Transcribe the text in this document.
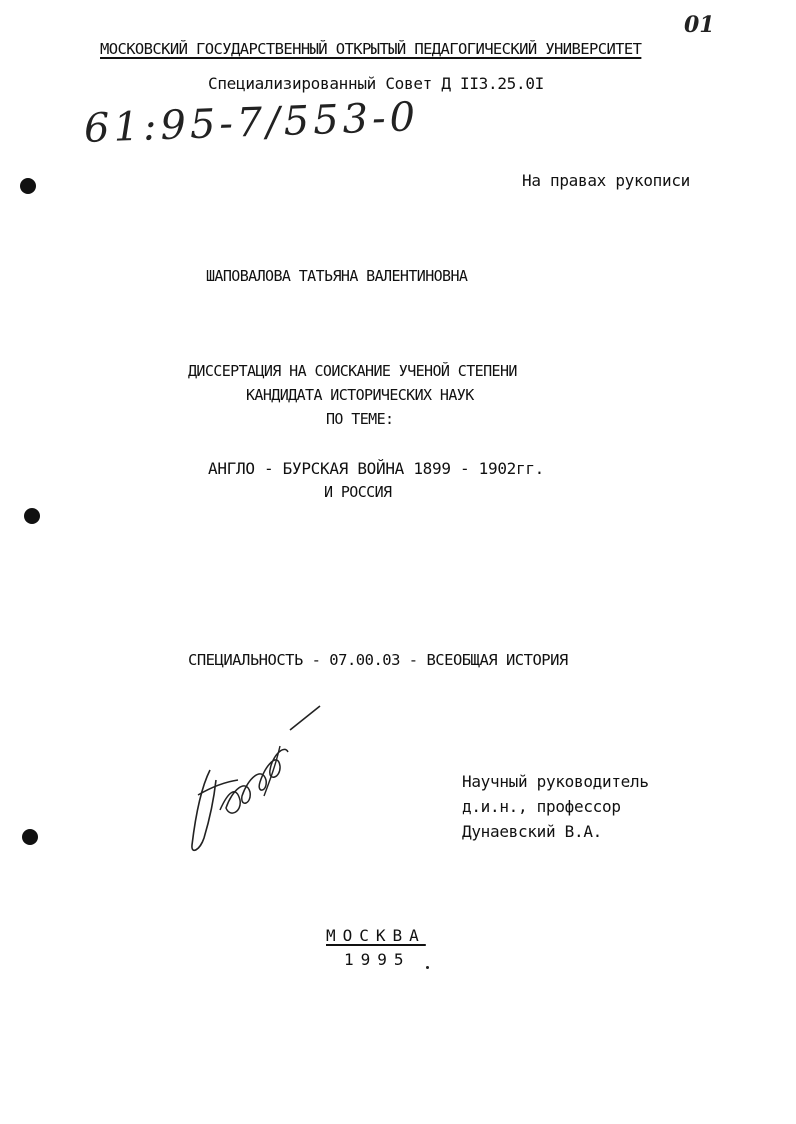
01
61:95-7/553-0
МОСКОВСКИЙ ГОСУДАРСТВЕННЫЙ ОТКРЫТЫЙ ПЕДАГОГИЧЕСКИЙ УНИВЕРСИТЕТ
Специализированный Совет Д II3.25.0I
На правах рукописи
ШАПОВАЛОВА ТАТЬЯНА ВАЛЕНТИНОВНА
ДИССЕРТАЦИЯ НА СОИСКАНИЕ УЧЕНОЙ СТЕПЕНИ
КАНДИДАТА ИСТОРИЧЕСКИХ НАУК
ПО ТЕМЕ:
АНГЛО - БУРСКАЯ ВОЙНА 1899 - 1902гг.
И РОССИЯ
СПЕЦИАЛЬНОСТЬ - 07.00.03 - ВСЕОБЩАЯ ИСТОРИЯ
Научный руководитель
д.и.н., профессор
Дунаевский В.А.
МОСКВА
1995
